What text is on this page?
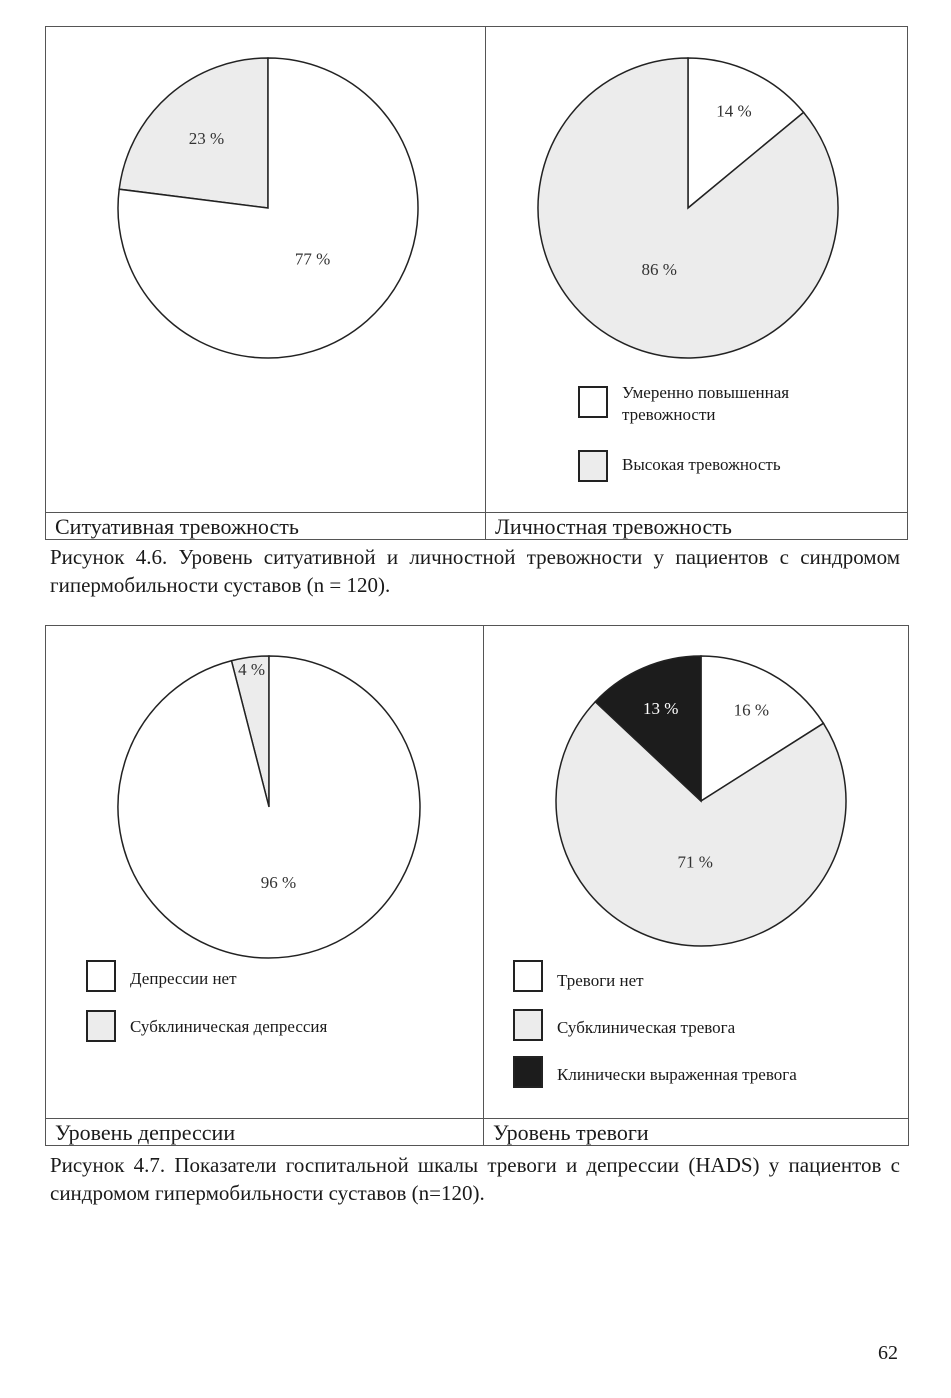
23 %
77 %
14 %
86 %
Умеренно повышенная тревожности
Высокая тревожность
Ситуативная тревожность	Личностная тревожность
Рисунок 4.6. Уровень ситуативной и личностной тревожности у пациентов с синдромом гипермобильности суставов (n = 120).
4 %
96 %
16 %
71 %
13 %
Депрессии нет
Субклиническая депрессия
Тревоги нет
Субклиническая тревога
Клинически выраженная тревога
Уровень депрессии	Уровень тревоги
Рисунок 4.7. Показатели госпитальной шкалы тревоги и депрессии (HADS) у пациентов с синдромом гипермобильности суставов (n=120).
62
